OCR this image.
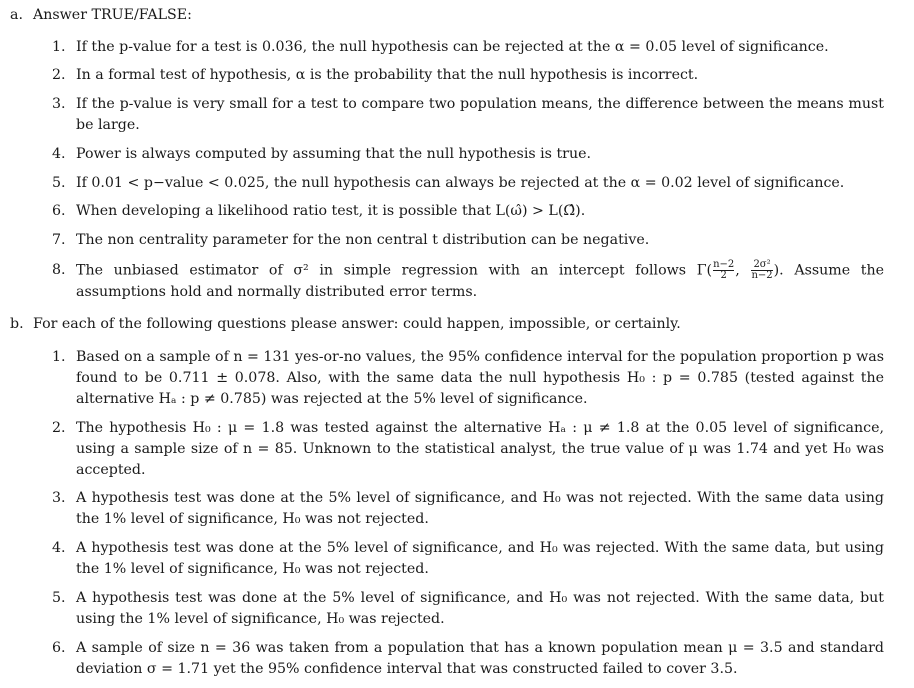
a. Answer TRUE/FALSE:
1. If the p-value for a test is 0.036, the null hypothesis can be rejected at the α = 0.05 level of significance.
2. In a formal test of hypothesis, α is the probability that the null hypothesis is incorrect.
3. If the p-value is very small for a test to compare two population means, the difference between the means must be large.
4. Power is always computed by assuming that the null hypothesis is true.
5. If 0.01 < p−value < 0.025, the null hypothesis can always be rejected at the α = 0.02 level of significance.
6. When developing a likelihood ratio test, it is possible that L(ω̂) > L(Ω̂).
7. The non centrality parameter for the non central t distribution can be negative.
8. The unbiased estimator of σ² in simple regression with an intercept follows $\Gamma( \frac{n-2}{2}$ , $\frac{\text{2σ²}}{n-2}$ ). Assume the assumptions hold and normally distributed error terms.
b. For each of the following questions please answer: could happen, impossible, or certainly.
1. Based on a sample of n = 131 yes-or-no values, the 95% confidence interval for the population proportion p was found to be 0.711 ± 0.078. Also, with the same data the null hypothesis H₀ : p = 0.785 (tested against the alternative Hₐ : p ≠ 0.785) was rejected at the 5% level of significance.
2. The hypothesis H₀ : μ = 1.8 was tested against the alternative Hₐ : μ ≠ 1.8 at the 0.05 level of significance, using a sample size of n = 85. Unknown to the statistical analyst, the true value of μ was 1.74 and yet H₀ was accepted.
3. A hypothesis test was done at the 5% level of significance, and H₀ was not rejected. With the same data using the 1% level of significance, H₀ was not rejected.
4. A hypothesis test was done at the 5% level of significance, and H₀ was rejected. With the same data, but using the 1% level of significance, H₀ was not rejected.
5. A hypothesis test was done at the 5% level of significance, and H₀ was not rejected. With the same data, but using the 1% level of significance, H₀ was rejected.
6. A sample of size n = 36 was taken from a population that has a known population mean μ = 3.5 and standard deviation σ = 1.71 yet the 95% confidence interval that was constructed failed to cover 3.5.
